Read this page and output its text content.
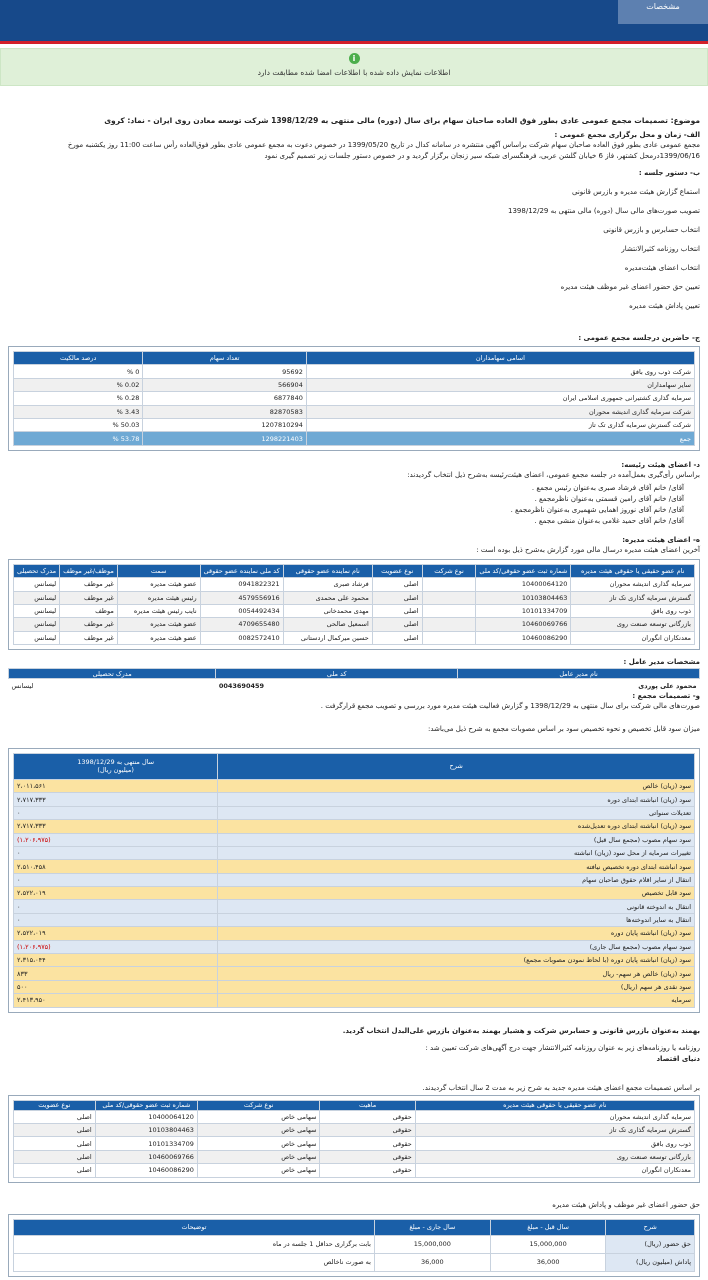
مشخصات
i
اطلاعات نمایش داده شده با اطلاعات امضا شده مطابقت دارد
موضوع: تصمیمات مجمع عمومی عادی بطور فوق العاده صاحبان سهام برای سال (دوره) مالی منتهی به 1398/12/29 شرکت توسعه معادن روی ایران - نماد: کروی
الف- زمان و محل برگزاری مجمع عمومی :
مجمع عمومی عادی بطور فوق العاده صاحبان سهام شرکت براساس آگهی منتشره در سامانه کدال در تاریخ 1399/05/20 در خصوص دعوت به مجمع عمومی عادی بطور فوق‌العاده رأس ساعت 11:00 روز یکشنبه مورخ
1399/06/16درمحل کشتهر، فاز 6 خیابان گلشن عربی، فرهنگسرای شبکه سیر زنجان برگزار گردید و در خصوص دستور جلسات زیر تصمیم گیری نمود
ب- دستور جلسه :
استماع گزارش هیئت مدیره و بازرس قانونی
تصویب صورت‌های مالی سال (دوره) مالی منتهی به 1398/12/29
انتخاب حسابرس و بازرس قانونی
انتخاب روزنامه کثیرالانتشار
انتخاب اعضای هیئت‌مدیره
تعیین حق حضور اعضای غیر موظف هیئت مدیره
تعیین پاداش هیئت مدیره
ج- حاضرین درجلسه مجمع عمومی :
اسامی سهامداران	تعداد سهام	درصد مالکیت
شرکت ذوب روی بافق	95692	0 %
سایر سهامداران	566904	0.02 %
سرمایه گذاری کشتیرانی جمهوری اسلامی ایران	6877840	0.28 %
شرکت سرمایه گذاری اندیشه محوران	82870583	3.43 %
شرکت گسترش سرمایه گذاری تک تاز	1207810294	50.03 %
جمع	1298221403	53.78 %
د- اعضای هیئت رئیسه:
براساس رأی‌گیری بعمل‌آمده در جلسه مجمع عمومی، اعضای هیئت‌رئیسه به‌شرح ذیل انتخاب گردیدند:
آقای/ خانم آقای فرشاد صبری به‌عنوان رئیس مجمع .
آقای/ خانم آقای رامین قسمتی به‌عنوان ناظرمجمع .
آقای/ خانم آقای نوروز اهمایی شهمیری به‌عنوان ناظرمجمع .
آقای/ خانم آقای حمید غلامی به‌عنوان منشی مجمع .
ه- اعضای هیئت مدیره:
آخرین اعضای هیئت مدیره درسال مالی مورد گزارش به‌شرح ذیل بوده است :
نام عضو حقیقی یا حقوقی هیئت مدیره	شماره ثبت عضو حقوقی/کد ملی	نوع شرکت	نوع عضویت	نام نماینده عضو حقوقی	کد ملی نماینده عضو حقوقی	سمت	موظف/غیر موظف	مدرک تحصیلی
سرمایه گذاری اندیشه محوران	10400064120		اصلی	فرشاد صبری	0941822321	عضو هیئت مدیره	غیر موظف	لیسانس
گسترش سرمایه گذاری تک تاز	10103804463		اصلی	محمود علی محمدی	4579556916	رئیس هیئت مدیره	غیر موظف	لیسانس
ذوب روی بافق	10101334709		اصلی	مهدی محمدخانی	0054492434	نایب رئیس هیئت مدیره	موظف	لیسانس
بازرگانی توسعه صنعت روی	10460069766		اصلی	اسمعیل صالحی	4709655480	عضو هیئت مدیره	غیر موظف	لیسانس
معدنکاران انگوران	10460086290		اصلی	حسین میرکمال اردستانی	0082572410	عضو هیئت مدیره	غیر موظف	لیسانس
مشخصات مدیر عامل :
نام مدیر عامل	کد ملی	مدرک تحصیلی
محمود علی پوردی	0043690459	لیسانس
و- تصمیمات مجمع :
صورت‌های مالی شرکت برای سال منتهی به 1398/12/29 و گزارش فعالیت هیئت مدیره مورد بررسی و تصویب مجمع قرارگرفت .
میزان سود قابل تخصیص و نحوه تخصیص سود بر اساس مصوبات مجمع به شرح ذیل می‌باشد:
شرح	سال منتهی به 1398/12/29
(میلیون ریال)

سود (زیان) خالص	۲،۰۱۱،۵۶۱
سود (زیان) انباشته ابتدای دوره	۲،۷۱۷،۳۳۳
تعدیلات سنواتی	۰
سود (زیان) انباشته ابتدای دوره تعدیل‌شده	۲،۷۱۷،۳۳۳
سود سهام مصوب (مجمع سال قبل)	(۱،۲۰۶،۹۷۵)
تغییرات سرمایه از محل سود (زیان) انباشته	۰
سود انباشته ابتدای دوره تخصیص نیافته	۲،۵۱۰،۴۵۸
انتقال از سایر اقلام حقوق صاحبان سهام	۰
سود قابل تخصیص	۲،۵۲۲،۰۱۹
انتقال به اندوخته قانونی	۰
انتقال به سایر اندوخته‌ها	۰
سود (زیان) انباشته پایان دوره	۲،۵۲۲،۰۱۹
سود سهام مصوب (مجمع سال جاری)	(۱،۲۰۶،۹۷۵)
سود (زیان) انباشته پایان دوره (با لحاظ نمودن مصوبات مجمع)	۲،۳۱۵،۰۴۴
سود (زیان) خالص هر سهم- ریال	۸۳۳
سود نقدی هر سهم (ریال)	۵۰۰
سرمایه	۲،۴۱۳،۹۵۰
بهمند به‌عنوان بازرس قانونی و حسابرس شرکت و هشیار بهمند به‌عنوان بازرس علی‌البدل انتخاب گردید.
روزنامه یا روزنامه‌های زیر به عنوان روزنامه کثیرالانتشار جهت درج آگهی‌های شرکت تعیین شد :
دنیای اقتصاد
بر اساس تصمیمات مجمع اعضای هیئت مدیره جدید به شرح زیر به مدت 2 سال انتخاب گردیدند.
نام عضو حقیقی یا حقوقی هیئت مدیره	ماهیت	نوع شرکت	شماره ثبت عضو حقوقی/کد ملی	نوع عضویت
سرمایه گذاری اندیشه محوران	حقوقی	سهامی خاص	10400064120	اصلی
گسترش سرمایه گذاری تک تاز	حقوقی	سهامی خاص	10103804463	اصلی
ذوب روی بافق	حقوقی	سهامی خاص	10101334709	اصلی
بازرگانی توسعه صنعت روی	حقوقی	سهامی خاص	10460069766	اصلی
معدنکاران انگوران	حقوقی	سهامی خاص	10460086290	اصلی
حق حضور اعضای غیر موظف و پاداش هیئت مدیره
شرح	سال قبل - مبلغ	سال جاری - مبلغ	توضیحات
حق حضور (ریال)	15,000,000	15,000,000	بابت برگزاری حداقل 1 جلسه در ماه
پاداش (میلیون ریال)	36,000	36,000	به صورت ناخالص
